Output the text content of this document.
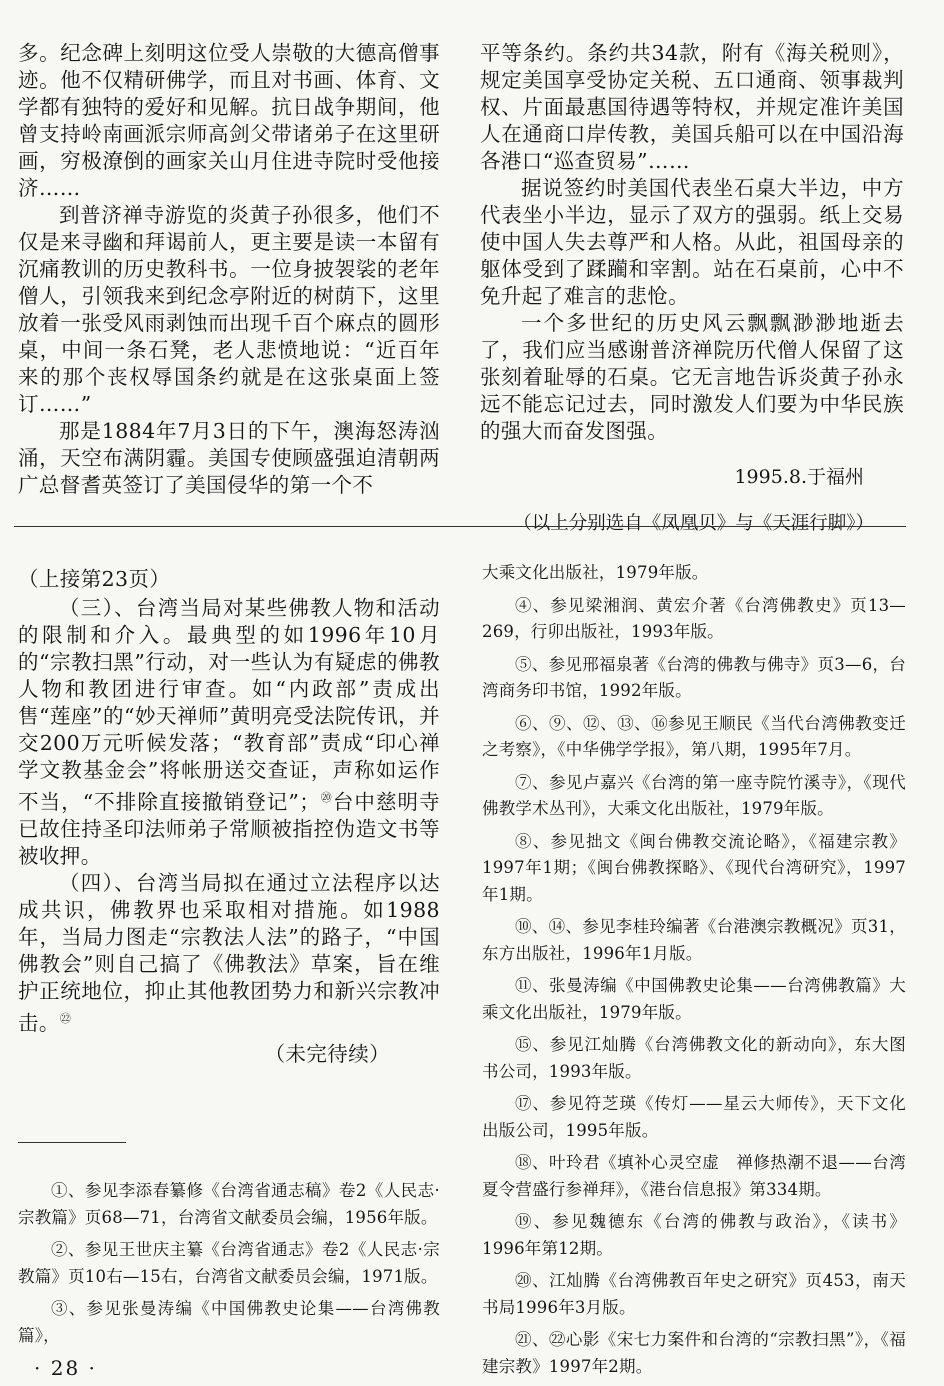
多。纪念碑上刻明这位受人崇敬的大德高僧事迹。他不仅精研佛学，而且对书画、体育、文学都有独特的爱好和见解。抗日战争期间，他曾支持岭南画派宗师高剑父带诸弟子在这里研画，穷极潦倒的画家关山月住进寺院时受他接济……

到普济禅寺游览的炎黄子孙很多，他们不仅是来寻幽和拜谒前人，更主要是读一本留有沉痛教训的历史教科书。一位身披袈裟的老年僧人，引领我来到纪念亭附近的树荫下，这里放着一张受风雨剥蚀而出现千百个麻点的圆形桌，中间一条石凳，老人悲愤地说：“近百年来的那个丧权辱国条约就是在这张桌面上签订……”

那是1884年7月3日的下午，澳海怒涛汹涌，天空布满阴霾。美国专使顾盛强迫清朝两广总督耆英签订了美国侵华的第一个不

平等条约。条约共34款，附有《海关税则》，规定美国享受协定关税、五口通商、领事裁判权、片面最惠国待遇等特权，并规定准许美国人在通商口岸传教，美国兵船可以在中国沿海各港口“巡查贸易”……

据说签约时美国代表坐石桌大半边，中方代表坐小半边，显示了双方的强弱。纸上交易使中国人失去尊严和人格。从此，祖国母亲的躯体受到了蹂躏和宰割。站在石桌前，心中不免升起了难言的悲怆。

一个多世纪的历史风云飘飘渺渺地逝去了，我们应当感谢普济禅院历代僧人保留了这张刻着耻辱的石桌。它无言地告诉炎黄子孙永远不能忘记过去，同时激发人们要为中华民族的强大而奋发图强。

1995.8.于福州

（以上分别选自《凤凰贝》与《天涯行脚》）

（上接第23页）

（三）、台湾当局对某些佛教人物和活动的限制和介入。最典型的如1996年10月的“宗教扫黑”行动，对一些认为有疑虑的佛教人物和教团进行审查。如“内政部”责成出售“莲座”的“妙天禅师”黄明亮受法院传讯，并交200万元听候发落；“教育部”责成“印心禅学文教基金会”将帐册送交查证，声称如运作不当，“不排除直接撤销登记”；⑳台中慈明寺已故住持圣印法师弟子常顺被指控伪造文书等被收押。

（四）、台湾当局拟在通过立法程序以达成共识，佛教界也采取相对措施。如1988年，当局力图走“宗教法人法”的路子，“中国佛教会”则自己搞了《佛教法》草案，旨在维护正统地位，抑止其他教团势力和新兴宗教冲击。$^㉒$

（未完待续）

①、参见李添春纂修《台湾省通志稿》卷2《人民志·宗教篇》页68—71，台湾省文献委员会编，1956年版。

②、参见王世庆主纂《台湾省通志》卷2《人民志·宗教篇》页10右—15右，台湾省文献委员会编，1971版。

③、参见张曼涛编《中国佛教史论集——台湾佛教篇》，

大乘文化出版社，1979年版。

④、参见梁湘润、黄宏介著《台湾佛教史》页13—269，行卯出版社，1993年版。

⑤、参见邢福泉著《台湾的佛教与佛寺》页3—6，台湾商务印书馆，1992年版。

⑥、⑨、⑫、⑬、⑯参见王顺民《当代台湾佛教变迁之考察》，《中华佛学学报》，第八期，1995年7月。

⑦、参见卢嘉兴《台湾的第一座寺院竹溪寺》，《现代佛教学术丛刊》，大乘文化出版社，1979年版。

⑧、参见拙文《闽台佛教交流论略》，《福建宗教》1997年1期；《闽台佛教探略》、《现代台湾研究》，1997年1期。

⑩、⑭、参见李桂玲编著《台港澳宗教概况》页31，东方出版社，1996年1月版。

⑪、张曼涛编《中国佛教史论集——台湾佛教篇》大乘文化出版社，1979年版。

⑮、参见江灿腾《台湾佛教文化的新动向》，东大图书公司，1993年版。

⑰、参见符芝瑛《传灯——星云大师传》，天下文化出版公司，1995年版。

⑱、叶玲君《填补心灵空虚　禅修热潮不退——台湾夏令营盛行参禅拜》，《港台信息报》第334期。

⑲、参见魏德东《台湾的佛教与政治》，《读书》1996年第12期。

⑳、江灿腾《台湾佛教百年史之研究》页453，南天书局1996年3月版。

㉑、㉒心影《宋七力案件和台湾的“宗教扫黑”》，《福建宗教》1997年2期。

· 28 ·
